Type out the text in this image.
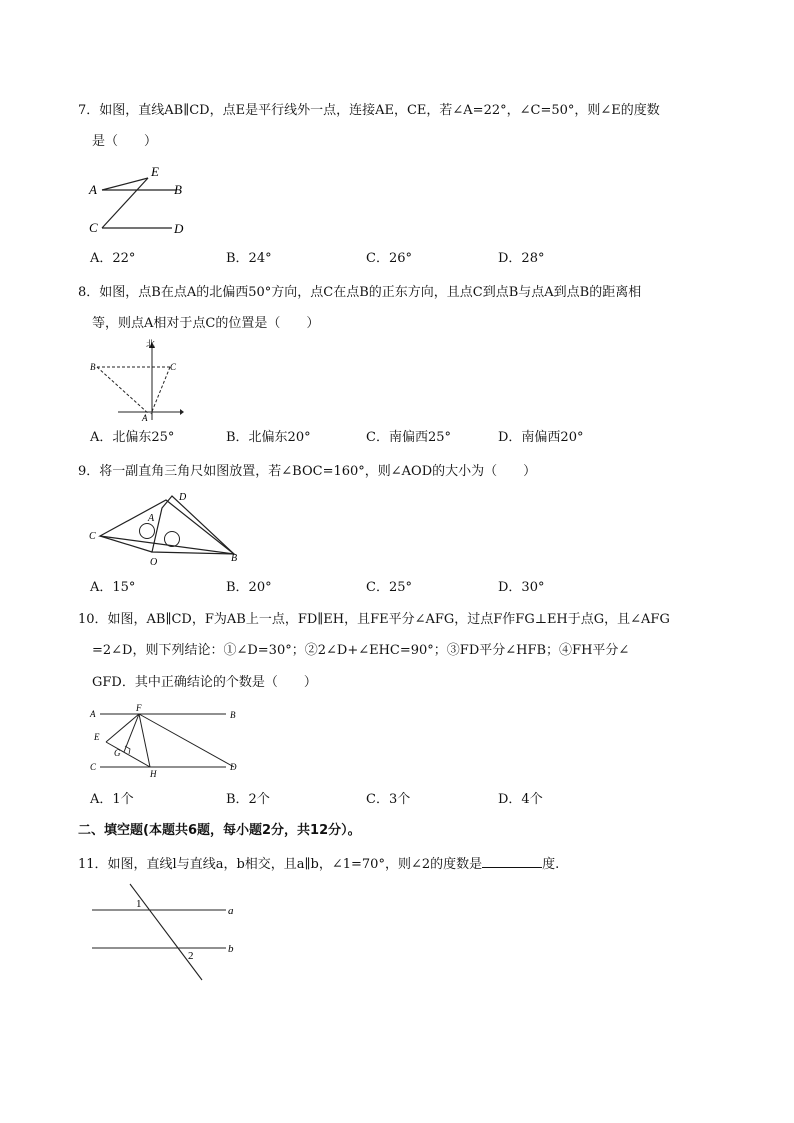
7．如图，直线AB∥CD，点E是平行线外一点，连接AE，CE，若∠A=22°，∠C=50°，则∠E的度数
是（　　）
A	B
C	D
E
A．22°	B．24°	C．26°	D．28°
8．如图，点B在点A的北偏西50°方向，点C在点B的正东方向，且点C到点B与点A到点B的距离相
等，则点A相对于点C的位置是（　　）
北
B	C
A
A．北偏东25°	B．北偏东20°	C．南偏西25°	D．南偏西20°
9．将一副直角三角尺如图放置，若∠BOC=160°，则∠AOD的大小为（　　）
C
A
D
O	B
A．15°	B．20°	C．25°	D．30°
10．如图，AB∥CD，F为AB上一点，FD∥EH，且FE平分∠AFG，过点F作FG⊥EH于点G，且∠AFG
=2∠D，则下列结论：①∠D=30°；②2∠D+∠EHC=90°；③FD平分∠HFB；④FH平分∠
GFD．其中正确结论的个数是（　　）
A	B
C	D
E
F
G
H
A．1个	B．2个	C．3个	D．4个
二、填空题(本题共6题，每小题2分，共12分）。
11．如图，直线l与直线a，b相交，且a∥b，∠1=70°，则∠2的度数是	度.
1
2
a
b
